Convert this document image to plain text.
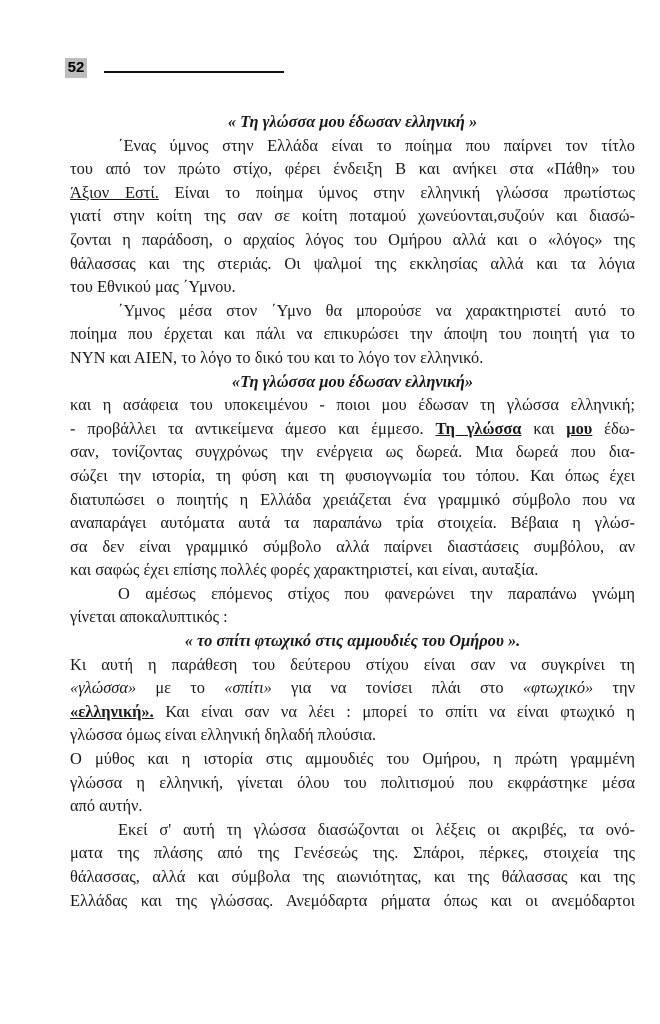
52
« Τη γλώσσα μου έδωσαν ελληνική »
΄Ενας ύμνος στην Ελλάδα είναι το ποίημα που παίρνει τον τίτλο
του από τον πρώτο στίχο, φέρει ένδειξη Β και ανήκει στα «Πάθη» του
Άξιον Εστί. Είναι το ποίημα ύμνος στην ελληνική γλώσσα πρωτίστως
γιατί στην κοίτη της σαν σε κοίτη ποταμού χωνεύονται,συζούν και διασώ-
ζονται η παράδοση, ο αρχαίος λόγος του Ομήρου αλλά και ο «λόγος» της
θάλασσας και της στεριάς. Οι ψαλμοί της εκκλησίας αλλά και τα λόγια
του Εθνικού μας ΄Υμνου.
΄Υμνος μέσα στον ΄Υμνο θα μπορούσε να χαρακτηριστεί αυτό το
ποίημα που έρχεται και πάλι να επικυρώσει την άποψη του ποιητή για το
ΝΥΝ και ΑΙΕΝ, το λόγο το δικό του και το λόγο τον ελληνικό.
«Τη γλώσσα μου έδωσαν ελληνική»
και η ασάφεια του υποκειμένου - ποιοι μου έδωσαν τη γλώσσα ελληνική;
- προβάλλει τα αντικείμενα άμεσο και έμμεσο. Τη γλώσσα και μου έδω-
σαν, τονίζοντας συγχρόνως την ενέργεια ως δωρεά. Μια δωρεά που δια-
σώζει την ιστορία, τη φύση και τη φυσιογνωμία του τόπου. Και όπως έχει
διατυπώσει ο ποιητής η Ελλάδα χρειάζεται ένα γραμμικό σύμβολο που να
αναπαράγει αυτόματα αυτά τα παραπάνω τρία στοιχεία. Βέβαια η γλώσ-
σα δεν είναι γραμμικό σύμβολο αλλά παίρνει διαστάσεις συμβόλου, αν
και σαφώς έχει επίσης πολλές φορές χαρακτηριστεί, και είναι, αυταξία.
Ο αμέσως επόμενος στίχος που φανερώνει την παραπάνω γνώμη
γίνεται αποκαλυπτικός :
« το σπίτι φτωχικό στις αμμουδιές του Ομήρου ».
Κι αυτή η παράθεση του δεύτερου στίχου είναι σαν να συγκρίνει τη
«γλώσσα» με το «σπίτι» για να τονίσει πλάι στο «φτωχικό» την
«ελληνική». Και είναι σαν να λέει : μπορεί το σπίτι να είναι φτωχικό η
γλώσσα όμως είναι ελληνική δηλαδή πλούσια.
Ο μύθος και η ιστορία στις αμμουδιές του Ομήρου, η πρώτη γραμμένη
γλώσσα η ελληνική, γίνεται όλου του πολιτισμού που εκφράστηκε μέσα
από αυτήν.
Εκεί σ' αυτή τη γλώσσα διασώζονται οι λέξεις οι ακριβές, τα ονό-
ματα της πλάσης από της Γενέσεώς της. Σπάροι, πέρκες, στοιχεία της
θάλασσας, αλλά και σύμβολα της αιωνιότητας, και της θάλασσας και της
Ελλάδας και της γλώσσας. Ανεμόδαρτα ρήματα όπως και οι ανεμόδαρτοι
